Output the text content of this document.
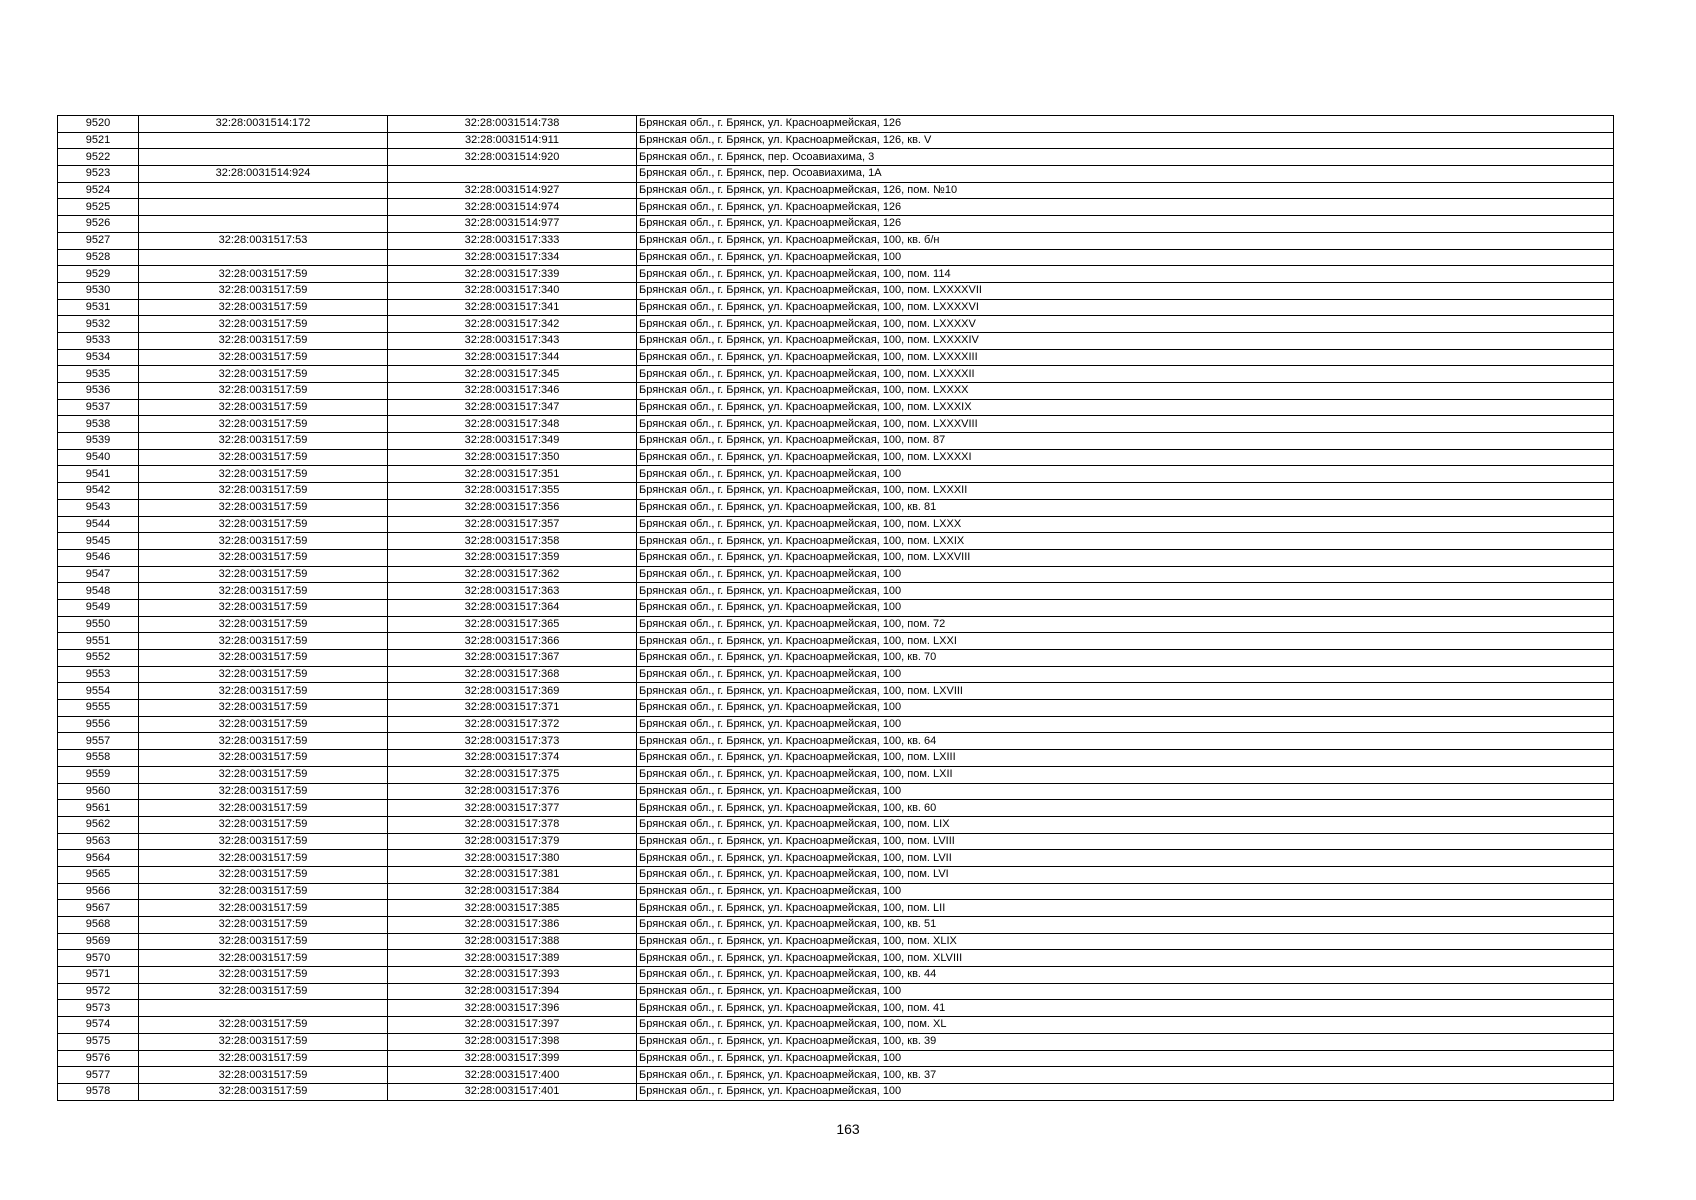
9520	32:28:0031514:172	32:28:0031514:738	Брянская обл., г. Брянск, ул. Красноармейская, 126
9521		32:28:0031514:911	Брянская обл., г. Брянск, ул. Красноармейская, 126, кв. V
9522		32:28:0031514:920	Брянская обл., г. Брянск, пер. Осоавиахима, 3
9523	32:28:0031514:924		Брянская обл., г. Брянск, пер. Осоавиахима, 1А
9524		32:28:0031514:927	Брянская обл., г. Брянск, ул. Красноармейская, 126, пом. №10
9525		32:28:0031514:974	Брянская обл., г. Брянск, ул. Красноармейская, 126
9526		32:28:0031514:977	Брянская обл., г. Брянск, ул. Красноармейская, 126
9527	32:28:0031517:53	32:28:0031517:333	Брянская обл., г. Брянск, ул. Красноармейская, 100, кв. б/н
9528		32:28:0031517:334	Брянская обл., г. Брянск, ул. Красноармейская, 100
9529	32:28:0031517:59	32:28:0031517:339	Брянская обл., г. Брянск, ул. Красноармейская, 100, пом. 114
9530	32:28:0031517:59	32:28:0031517:340	Брянская обл., г. Брянск, ул. Красноармейская, 100, пом. LXXXXVII
9531	32:28:0031517:59	32:28:0031517:341	Брянская обл., г. Брянск, ул. Красноармейская, 100, пом. LXXXXVI
9532	32:28:0031517:59	32:28:0031517:342	Брянская обл., г. Брянск, ул. Красноармейская, 100, пом. LXXXXV
9533	32:28:0031517:59	32:28:0031517:343	Брянская обл., г. Брянск, ул. Красноармейская, 100, пом. LXXXXIV
9534	32:28:0031517:59	32:28:0031517:344	Брянская обл., г. Брянск, ул. Красноармейская, 100, пом. LXXXXIII
9535	32:28:0031517:59	32:28:0031517:345	Брянская обл., г. Брянск, ул. Красноармейская, 100, пом. LXXXXII
9536	32:28:0031517:59	32:28:0031517:346	Брянская обл., г. Брянск, ул. Красноармейская, 100, пом. LXXXX
9537	32:28:0031517:59	32:28:0031517:347	Брянская обл., г. Брянск, ул. Красноармейская, 100, пом. LXXXIX
9538	32:28:0031517:59	32:28:0031517:348	Брянская обл., г. Брянск, ул. Красноармейская, 100, пом. LXXXVIII
9539	32:28:0031517:59	32:28:0031517:349	Брянская обл., г. Брянск, ул. Красноармейская, 100, пом. 87
9540	32:28:0031517:59	32:28:0031517:350	Брянская обл., г. Брянск, ул. Красноармейская, 100, пом. LXXXXI
9541	32:28:0031517:59	32:28:0031517:351	Брянская обл., г. Брянск, ул. Красноармейская, 100
9542	32:28:0031517:59	32:28:0031517:355	Брянская обл., г. Брянск, ул. Красноармейская, 100, пом. LXXXII
9543	32:28:0031517:59	32:28:0031517:356	Брянская обл., г. Брянск, ул. Красноармейская, 100, кв. 81
9544	32:28:0031517:59	32:28:0031517:357	Брянская обл., г. Брянск, ул. Красноармейская, 100, пом. LXXX
9545	32:28:0031517:59	32:28:0031517:358	Брянская обл., г. Брянск, ул. Красноармейская, 100, пом. LXXIX
9546	32:28:0031517:59	32:28:0031517:359	Брянская обл., г. Брянск, ул. Красноармейская, 100, пом. LXXVIII
9547	32:28:0031517:59	32:28:0031517:362	Брянская обл., г. Брянск, ул. Красноармейская, 100
9548	32:28:0031517:59	32:28:0031517:363	Брянская обл., г. Брянск, ул. Красноармейская, 100
9549	32:28:0031517:59	32:28:0031517:364	Брянская обл., г. Брянск, ул. Красноармейская, 100
9550	32:28:0031517:59	32:28:0031517:365	Брянская обл., г. Брянск, ул. Красноармейская, 100, пом. 72
9551	32:28:0031517:59	32:28:0031517:366	Брянская обл., г. Брянск, ул. Красноармейская, 100, пом. LXXI
9552	32:28:0031517:59	32:28:0031517:367	Брянская обл., г. Брянск, ул. Красноармейская, 100, кв. 70
9553	32:28:0031517:59	32:28:0031517:368	Брянская обл., г. Брянск, ул. Красноармейская, 100
9554	32:28:0031517:59	32:28:0031517:369	Брянская обл., г. Брянск, ул. Красноармейская, 100, пом. LXVIII
9555	32:28:0031517:59	32:28:0031517:371	Брянская обл., г. Брянск, ул. Красноармейская, 100
9556	32:28:0031517:59	32:28:0031517:372	Брянская обл., г. Брянск, ул. Красноармейская, 100
9557	32:28:0031517:59	32:28:0031517:373	Брянская обл., г. Брянск, ул. Красноармейская, 100, кв. 64
9558	32:28:0031517:59	32:28:0031517:374	Брянская обл., г. Брянск, ул. Красноармейская, 100, пом. LXIII
9559	32:28:0031517:59	32:28:0031517:375	Брянская обл., г. Брянск, ул. Красноармейская, 100, пом. LXII
9560	32:28:0031517:59	32:28:0031517:376	Брянская обл., г. Брянск, ул. Красноармейская, 100
9561	32:28:0031517:59	32:28:0031517:377	Брянская обл., г. Брянск, ул. Красноармейская, 100, кв. 60
9562	32:28:0031517:59	32:28:0031517:378	Брянская обл., г. Брянск, ул. Красноармейская, 100, пом. LIX
9563	32:28:0031517:59	32:28:0031517:379	Брянская обл., г. Брянск, ул. Красноармейская, 100, пом. LVIII
9564	32:28:0031517:59	32:28:0031517:380	Брянская обл., г. Брянск, ул. Красноармейская, 100, пом. LVII
9565	32:28:0031517:59	32:28:0031517:381	Брянская обл., г. Брянск, ул. Красноармейская, 100, пом. LVI
9566	32:28:0031517:59	32:28:0031517:384	Брянская обл., г. Брянск, ул. Красноармейская, 100
9567	32:28:0031517:59	32:28:0031517:385	Брянская обл., г. Брянск, ул. Красноармейская, 100, пом. LII
9568	32:28:0031517:59	32:28:0031517:386	Брянская обл., г. Брянск, ул. Красноармейская, 100, кв. 51
9569	32:28:0031517:59	32:28:0031517:388	Брянская обл., г. Брянск, ул. Красноармейская, 100, пом. XLIX
9570	32:28:0031517:59	32:28:0031517:389	Брянская обл., г. Брянск, ул. Красноармейская, 100, пом. XLVIII
9571	32:28:0031517:59	32:28:0031517:393	Брянская обл., г. Брянск, ул. Красноармейская, 100, кв. 44
9572	32:28:0031517:59	32:28:0031517:394	Брянская обл., г. Брянск, ул. Красноармейская, 100
9573		32:28:0031517:396	Брянская обл., г. Брянск, ул. Красноармейская, 100, пом. 41
9574	32:28:0031517:59	32:28:0031517:397	Брянская обл., г. Брянск, ул. Красноармейская, 100, пом. XL
9575	32:28:0031517:59	32:28:0031517:398	Брянская обл., г. Брянск, ул. Красноармейская, 100, кв. 39
9576	32:28:0031517:59	32:28:0031517:399	Брянская обл., г. Брянск, ул. Красноармейская, 100
9577	32:28:0031517:59	32:28:0031517:400	Брянская обл., г. Брянск, ул. Красноармейская, 100, кв. 37
9578	32:28:0031517:59	32:28:0031517:401	Брянская обл., г. Брянск, ул. Красноармейская, 100
163
